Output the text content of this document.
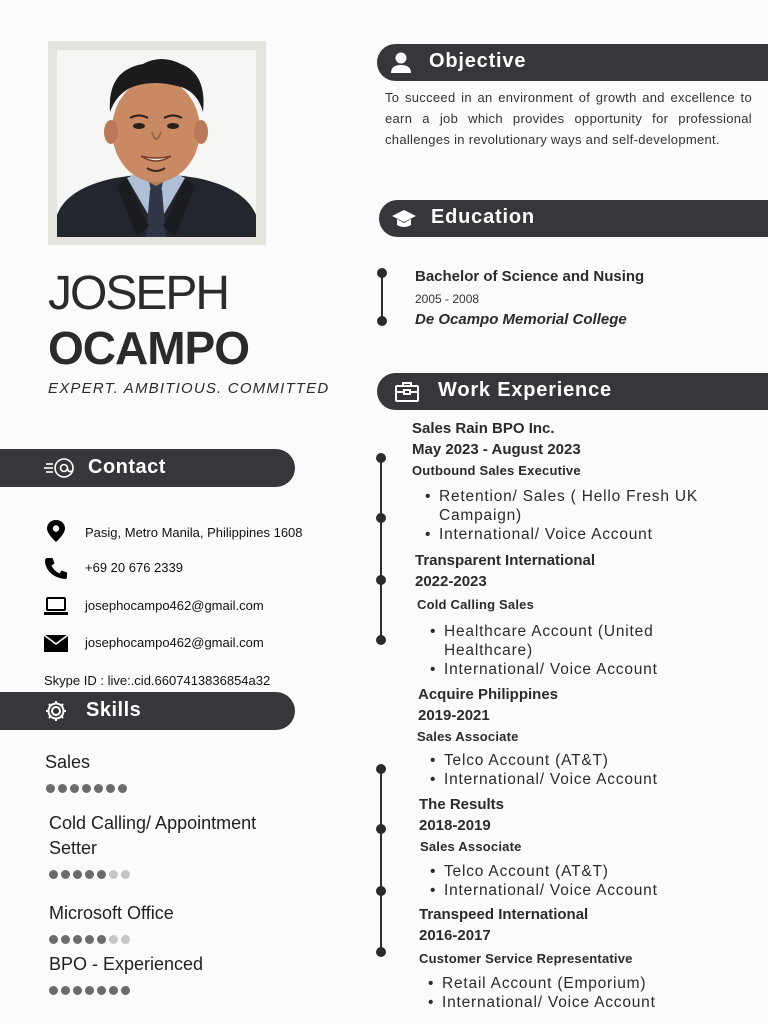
JOSEPH
OCAMPO
EXPERT. AMBITIOUS. COMMITTED
Contact
Pasig, Metro Manila, Philippines 1608
+69 20 676 2339
josephocampo462@gmail.com
josephocampo462@gmail.com
Skype ID : live:.cid.6607413836854a32
Skills
Sales
Cold Calling/ Appointment Setter
Microsoft Office
BPO - Experienced
Objective
To succeed in an environment of growth and excellence to earn a job which provides opportunity for professional challenges in revolutionary ways and self-development.
Education
Bachelor of Science and Nusing
2005 - 2008
De Ocampo Memorial College
Work Experience
Sales Rain BPO Inc.
May 2023 - August 2023
Outbound Sales Executive
• Retention/ Sales ( Hello Fresh UK Campaign)
• International/ Voice Account
Transparent International
2022-2023
Cold Calling Sales
• Healthcare Account (United Healthcare)
• International/ Voice Account
Acquire Philippines
2019-2021
Sales Associate
• Telco Account (AT&T)
• International/ Voice Account
The Results
2018-2019
Sales Associate
• Telco Account (AT&T)
• International/ Voice Account
Transpeed International
2016-2017
Customer Service Representative
• Retail Account (Emporium)
• International/ Voice Account
